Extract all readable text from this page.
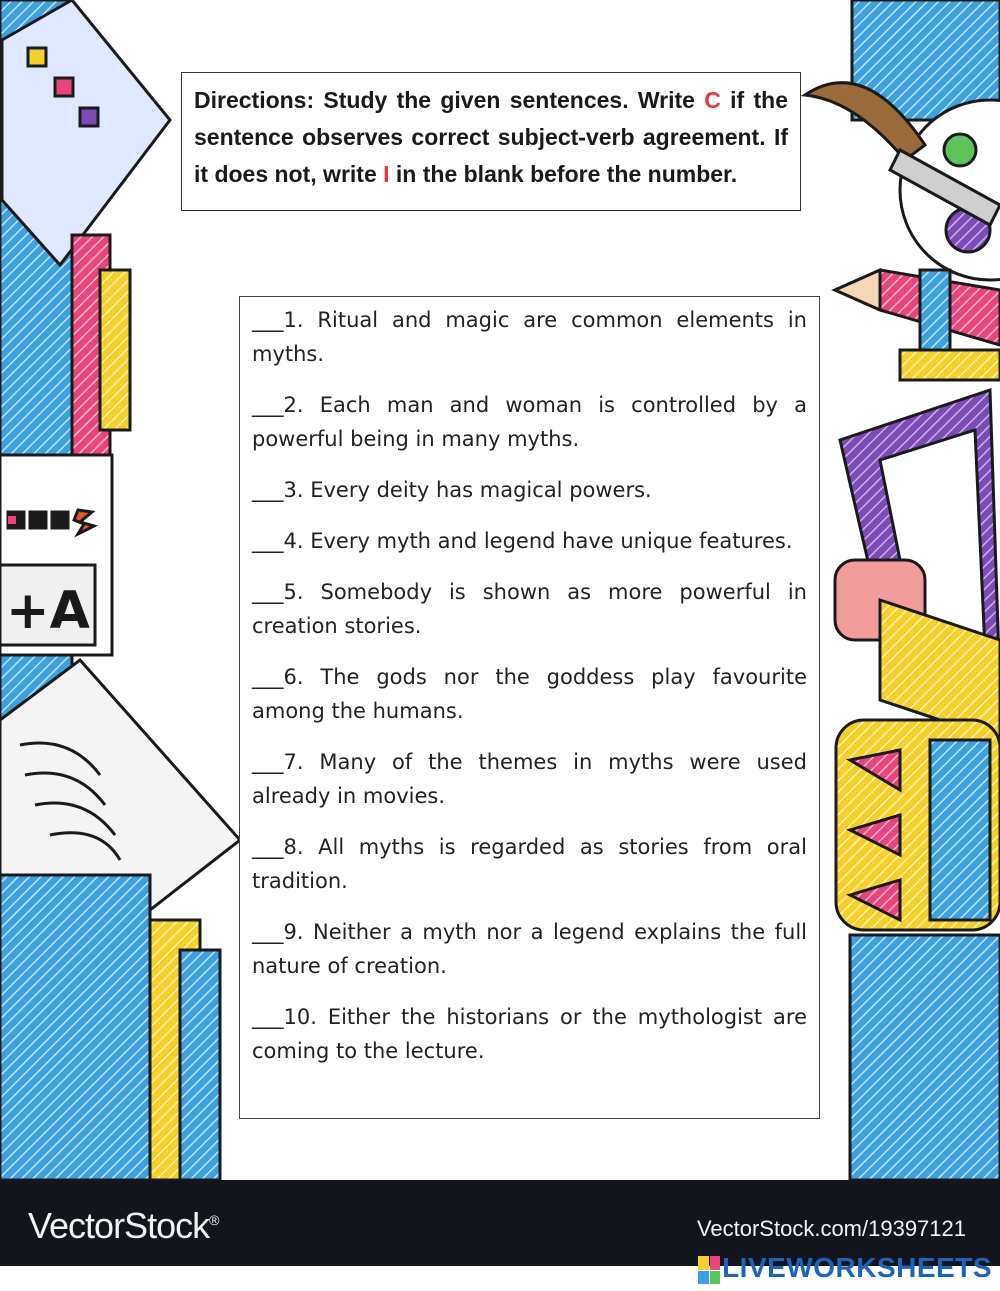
+A
Directions: Study the given sentences. Write C if the sentence observes correct subject-verb agreement. If it does not, write I in the blank before the number.

___1. Ritual and magic are common elements in myths.

___2. Each man and woman is controlled by a powerful being in many myths.

___3. Every deity has magical powers.

___4. Every myth and legend have unique features.

___5. Somebody is shown as more powerful in creation stories.

___6. The gods nor the goddess play favourite among the humans.

___7. Many of the themes in myths were used already in movies.

___8. All myths is regarded as stories from oral tradition.

___9. Neither a myth nor a legend explains the full nature of creation.

___10. Either the historians or the mythologist are coming to the lecture.

VectorStock®	VectorStock.com/19397121
LIVEWORKSHEETS
